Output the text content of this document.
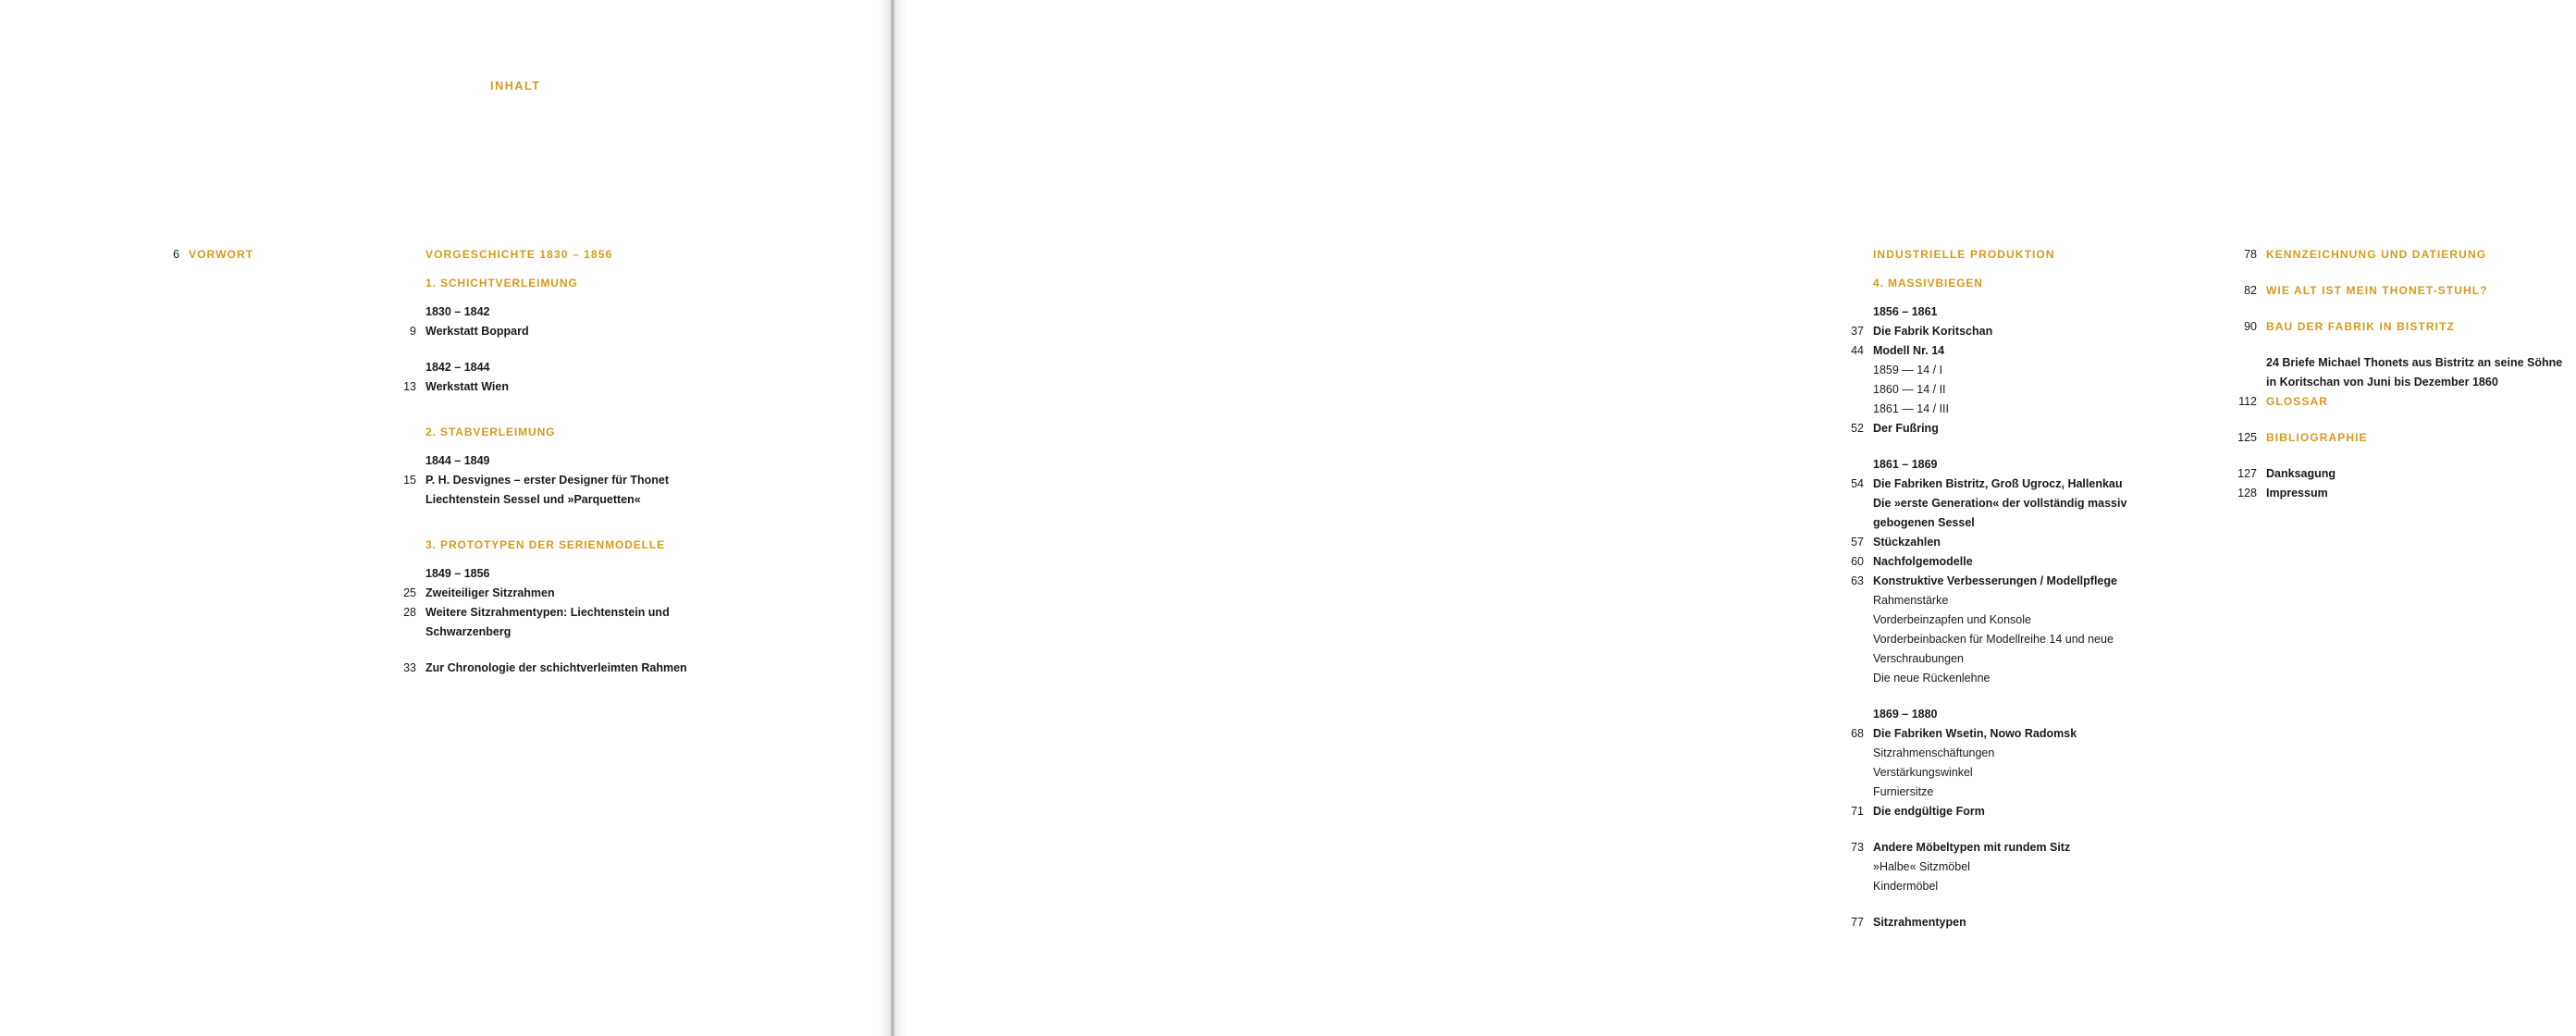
INHALT
6 VORWORT	VORGESCHICHTE 1830 – 1856
1. SCHICHTVERLEIMUNG
1830 – 1842
9 Werkstatt Boppard
1842 – 1844
13 Werkstatt Wien
2. STABVERLEIMUNG
1844 – 1849
15 P. H. Desvignes – erster Designer für Thonet
Liechtenstein Sessel und »Parquetten«
3. PROTOTYPEN DER SERIENMODELLE
1849 – 1856
25 Zweiteiliger Sitzrahmen
28 Weitere Sitzrahmentypen: Liechtenstein und
Schwarzenberg
33 Zur Chronologie der schichtverleimten Rahmen
INDUSTRIELLE PRODUKTION
4. MASSIVBIEGEN
1856 – 1861
37 Die Fabrik Koritschan
44 Modell Nr. 14
1859 — 14 / I
1860 — 14 / II
1861 — 14 / III
52 Der Fußring
1861 – 1869
54 Die Fabriken Bistritz, Groß Ugrocz, Hallenkau
Die »erste Generation« der vollständig massiv
gebogenen Sessel
57 Stückzahlen
60 Nachfolgemodelle
63 Konstruktive Verbesserungen / Modellpflege
Rahmenstärke
Vorderbeinzapfen und Konsole
Vorderbeinbacken für Modellreihe 14 und neue
Verschraubungen
Die neue Rückenlehne
1869 – 1880
68 Die Fabriken Wsetin, Nowo Radomsk
Sitzrahmenschäftungen
Verstärkungswinkel
Furniersitze
71 Die endgültige Form
73 Andere Möbeltypen mit rundem Sitz
»Halbe« Sitzmöbel
Kindermöbel
77 Sitzrahmentypen
78 KENNZEICHNUNG UND DATIERUNG
82 WIE ALT IST MEIN THONET-STUHL?
90 BAU DER FABRIK IN BISTRITZ
24 Briefe Michael Thonets aus Bistritz an seine Söhne
in Koritschan von Juni bis Dezember 1860
112 GLOSSAR
125 BIBLIOGRAPHIE
127 Danksagung
128 Impressum
